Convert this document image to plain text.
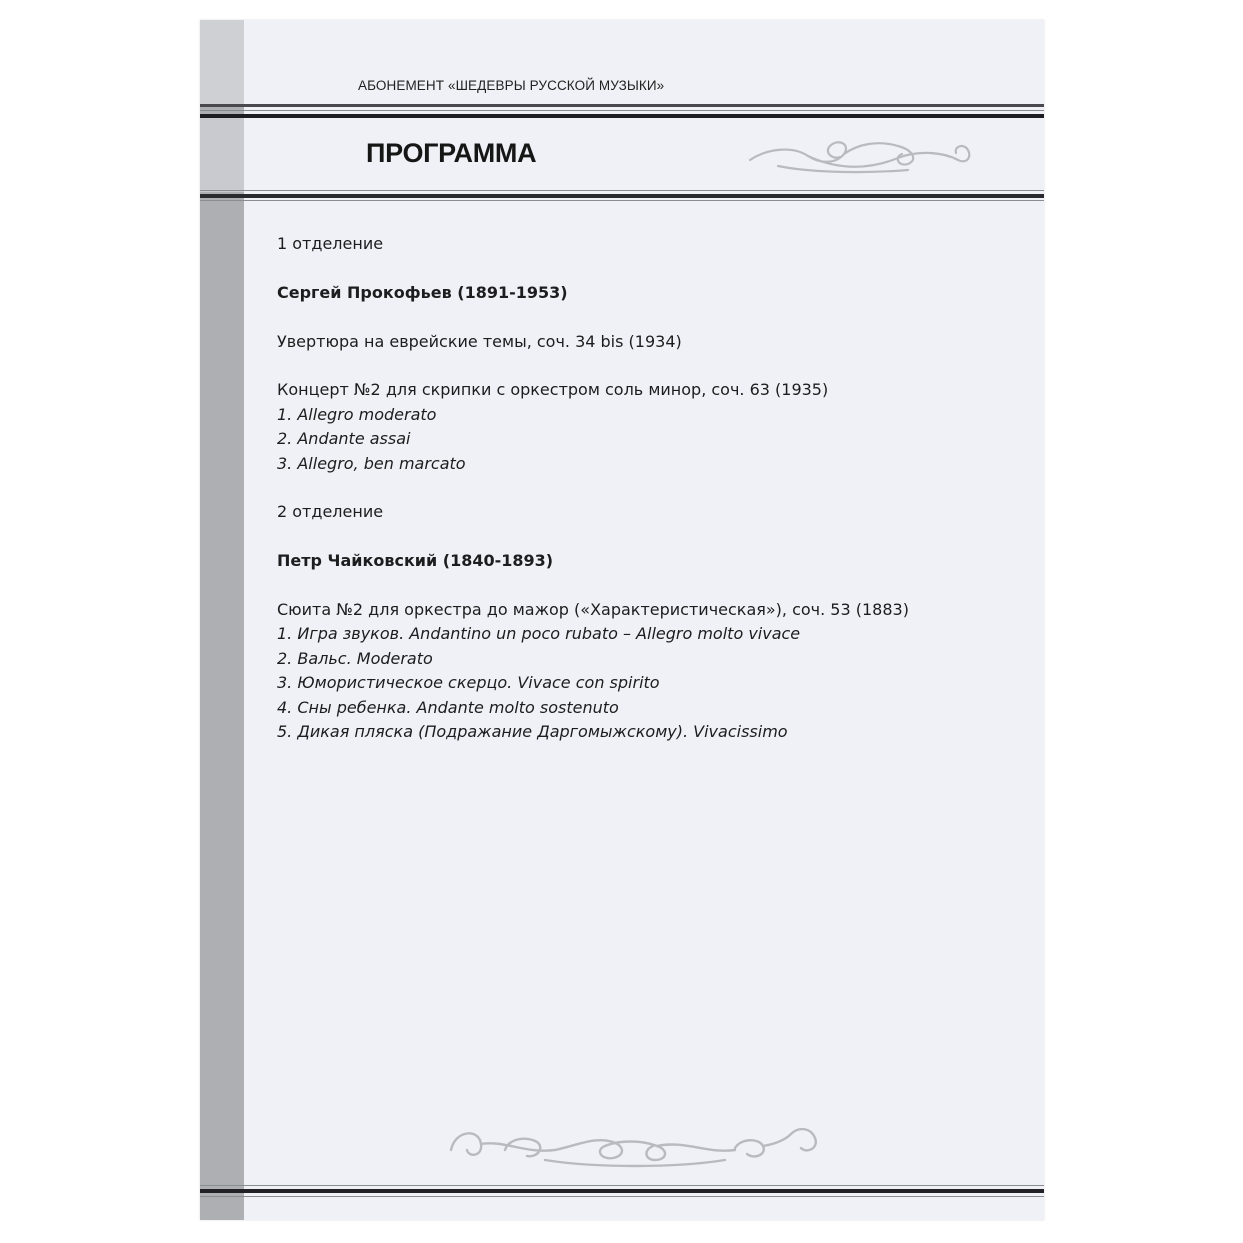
АБОНЕМЕНТ «ШЕДЕВРЫ РУССКОЙ МУЗЫКИ»
ПРОГРАММА

1 отделение

Сергей Прокофьев (1891-1953)

Увертюра на еврейские темы, соч. 34 bis (1934)

Концерт №2 для скрипки с оркестром соль минор, соч. 63 (1935)

1. Allegro moderato

2. Andante assai

3. Allegro, ben marcato

2 отделение

Петр Чайковский (1840-1893)

Сюита №2 для оркестра до мажор («Характеристическая»), соч. 53 (1883)

1. Игра звуков. Andantino un poco rubato – Allegro molto vivace

2. Вальс. Moderato

3. Юмористическое скерцо. Vivace con spirito

4. Сны ребенка. Andante molto sostenuto

5. Дикая пляска (Подражание Даргомыжскому). Vivacissimo
